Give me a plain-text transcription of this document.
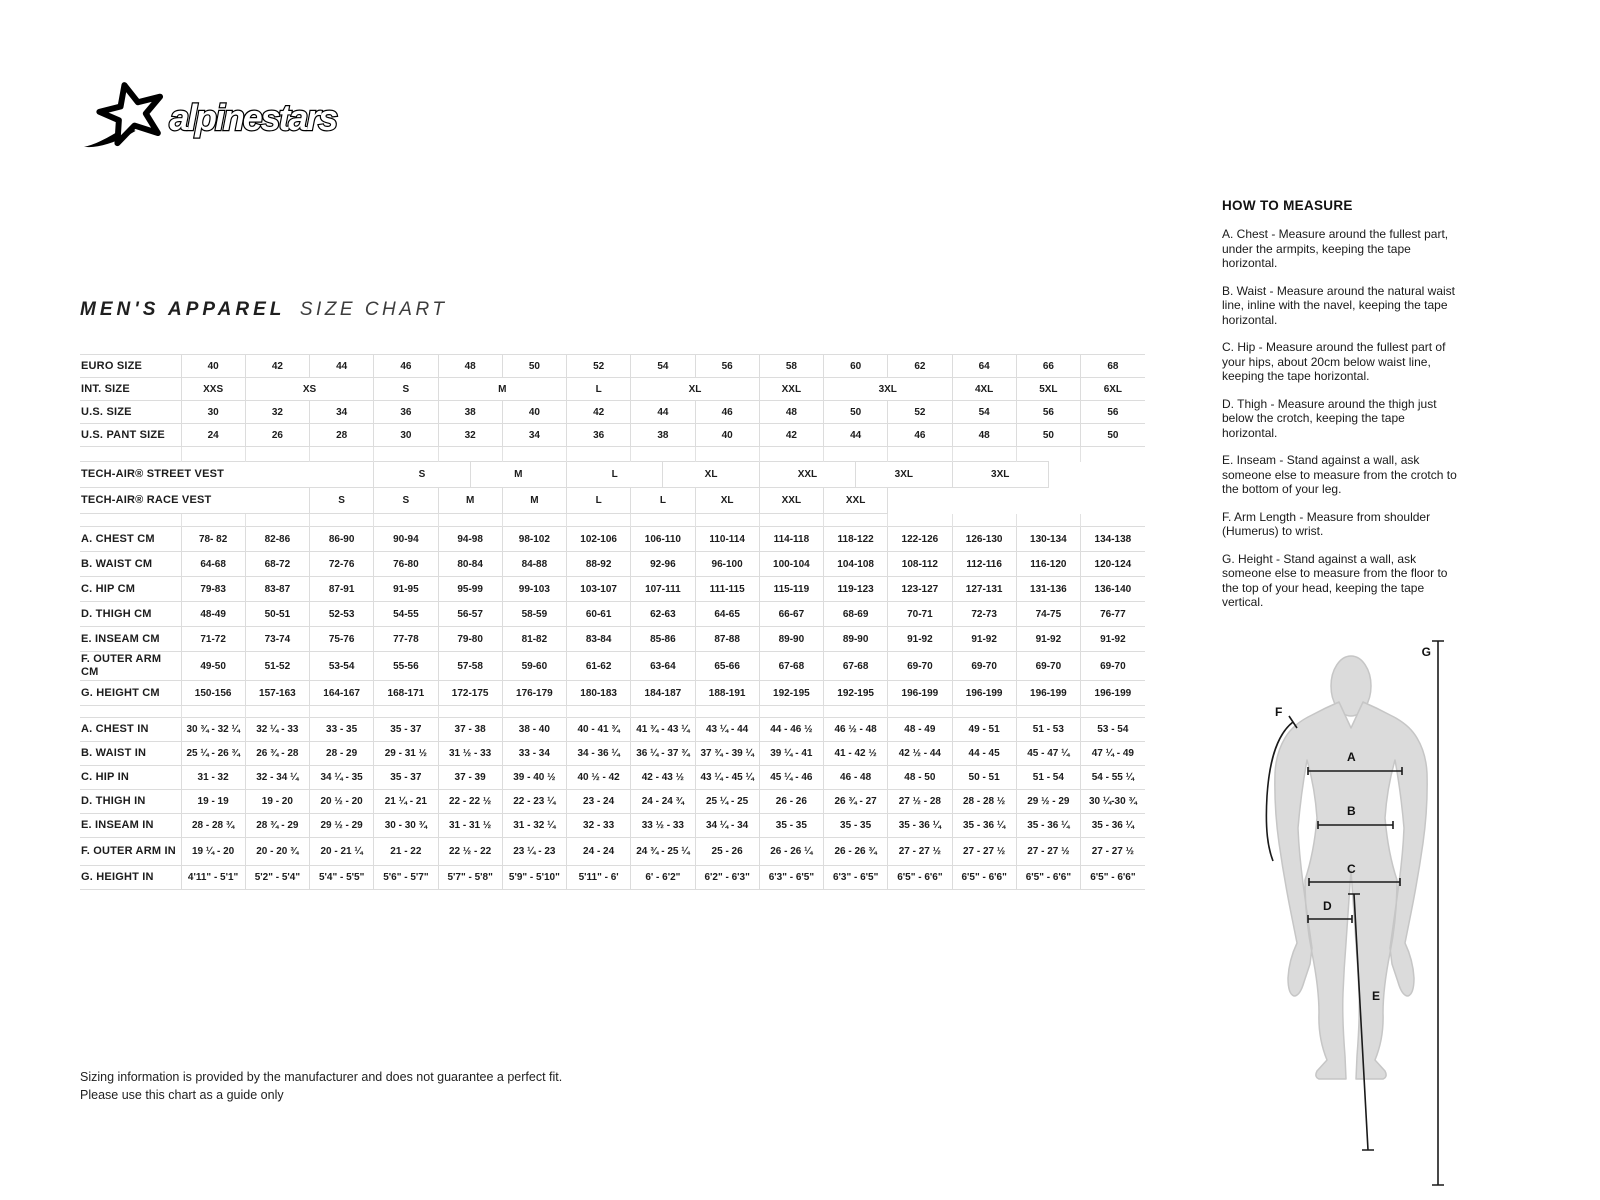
alpinestars
MEN'S APPAREL SIZE CHART
EURO SIZE	40	42	44	46	48		50	52	54		56	58	60		62	64	66		68
INT. SIZE	XXS	XS		S	M			L	XL			XXL	3XL			4XL	5XL		6XL
U.S. SIZE	30	32	34	36	38		40	42	44		46	48	50		52	54	56		56
U.S. PANT SIZE	24	26	28	30	32		34	36	38		40	42	44		46	48	50		50

TECH-AIR® STREET VEST				S		M		L		XL		XXL		3XL		3XL			
TECH-AIR® RACE VEST			S	S	M		M	L	L		XL	XXL	XXL						

A. CHEST CM	78- 82	82-86	86-90	90-94	94-98		98-102	102-106	106-110		110-114	114-118	118-122		122-126	126-130	130-134		134-138
B. WAIST CM	64-68	68-72	72-76	76-80	80-84		84-88	88-92	92-96		96-100	100-104	104-108		108-112	112-116	116-120		120-124
C. HIP CM	79-83	83-87	87-91	91-95	95-99		99-103	103-107	107-111		111-115	115-119	119-123		123-127	127-131	131-136		136-140
D. THIGH CM	48-49	50-51	52-53	54-55	56-57		58-59	60-61	62-63		64-65	66-67	68-69		70-71	72-73	74-75		76-77
E. INSEAM CM	71-72	73-74	75-76	77-78	79-80		81-82	83-84	85-86		87-88	89-90	89-90		91-92	91-92	91-92		91-92
F. OUTER ARM CM	49-50	51-52	53-54	55-56	57-58		59-60	61-62	63-64		65-66	67-68	67-68		69-70	69-70	69-70		69-70
G. HEIGHT CM	150-156	157-163	164-167	168-171	172-175		176-179	180-183	184-187		188-191	192-195	192-195		196-199	196-199	196-199		196-199

A. CHEST IN	30 ¾ - 32 ¼	32 ¼ - 33	33 - 35	35 - 37	37 - 38		38 - 40	40 - 41 ¾	41 ¾ - 43 ¼		43 ¼ - 44	44 - 46 ½	46 ½ - 48		48 - 49	49 - 51	51 - 53		53 - 54
B. WAIST IN	25 ¼ - 26 ¾	26 ¾ - 28	28 - 29	29 - 31 ½	31 ½ - 33		33 - 34	34 - 36 ¼	36 ¼ - 37 ¾		37 ¾ - 39 ¼	39 ¼ - 41	41 - 42 ½		42 ½ - 44	44 - 45	45 - 47 ¼		47 ¼ - 49
C. HIP IN	31 - 32	32 - 34 ¼	34 ¼ - 35	35 - 37	37 - 39		39 - 40 ½	40 ½ - 42	42 - 43 ½		43 ¼ - 45 ¼	45 ¼ - 46	46 - 48		48 - 50	50 - 51	51 - 54		54 - 55 ¼
D. THIGH IN	19 - 19	19 - 20	20 ½ - 20	21 ¼ - 21	22 - 22 ½		22 - 23 ¼	23 - 24	24 - 24 ¾		25 ¼ - 25	26 - 26	26 ¾ - 27		27 ½ - 28	28 - 28 ½	29 ½ - 29		30 ¼-30 ¾
E. INSEAM IN	28 - 28 ¾	28 ¾ - 29	29 ½ - 29	30 - 30 ¾	31 - 31 ½		31 - 32 ¼	32 - 33	33 ½ - 33		34 ¼ - 34	35 - 35	35 - 35		35 - 36 ¼	35 - 36 ¼	35 - 36 ¼		35 - 36 ¼
F. OUTER ARM IN	19 ¼ - 20	20 - 20 ¾	20 - 21 ¼	21 - 22	22 ½ - 22		23 ¼ - 23	24 - 24	24 ¾ - 25 ¼		25 - 26	26 - 26 ¼	26 - 26 ¾		27 - 27 ½	27 - 27 ½	27 - 27 ½		27 - 27 ½
G. HEIGHT IN	4'11" - 5'1"	5'2" - 5'4"	5'4" - 5'5"	5'6" - 5'7"	5'7" - 5'8"		5'9" - 5'10"	5'11" - 6'	6' - 6'2"		6'2" - 6'3"	6'3" - 6'5"	6'3" - 6'5"		6'5" - 6'6"	6'5" - 6'6"	6'5" - 6'6"		6'5" - 6'6"
HOW TO MEASURE

A. Chest - Measure around the fullest part, under the armpits, keeping the tape horizontal.

B. Waist - Measure around the natural waist line, inline with the navel, keeping the tape horizontal.

C. Hip - Measure around the fullest part of your hips, about 20cm below waist line, keeping the tape horizontal.

D. Thigh - Measure around the thigh just below the crotch, keeping the tape horizontal.

E. Inseam - Stand against a wall, ask someone else to measure from the crotch to the bottom of your leg.

F. Arm Length - Measure from shoulder (Humerus) to wrist.

G. Height - Stand against a wall, ask someone else to measure from the floor to the top of your head, keeping the tape vertical.

A
B
C
D
E
F
G
Sizing information is provided by the manufacturer and does not guarantee a perfect fit.
Please use this chart as a guide only
